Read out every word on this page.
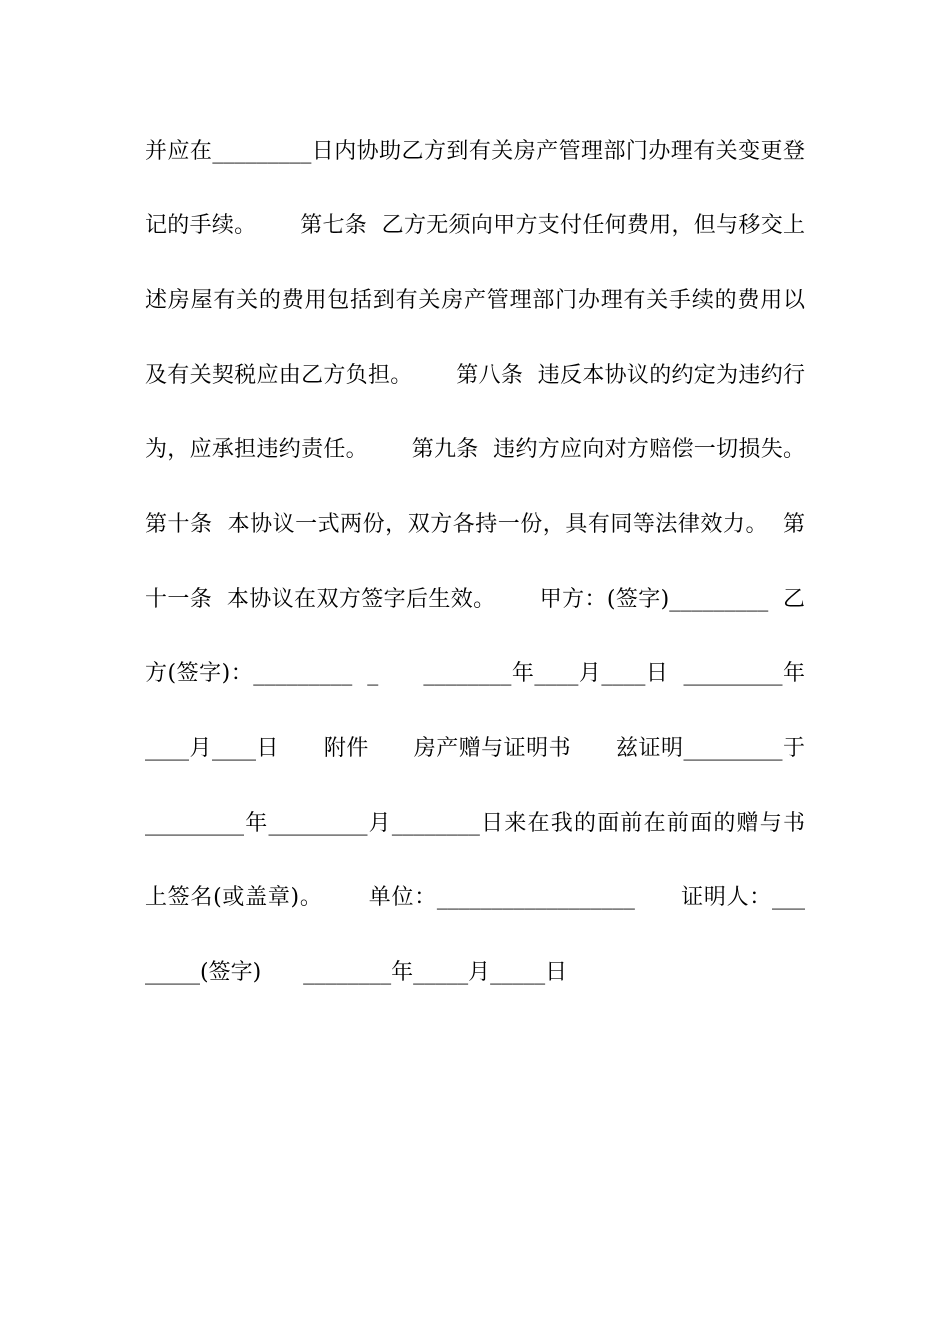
并应在_________日内协助乙方到有关房产管理部门办理有关变更登
记的手续。      第七条  乙方无须向甲方支付任何费用，但与移交上
述房屋有关的费用包括到有关房产管理部门办理有关手续的费用以
及有关契税应由乙方负担。      第八条  违反本协议的约定为违约行
为，应承担违约责任。      第九条  违约方应向对方赔偿一切损失。
第十条  本协议一式两份，双方各持一份，具有同等法律效力。  第
十一条  本协议在双方签字后生效。      甲方：(签字)_________  乙
方(签字)：_________  _      ________年____月____日  _________年
____月____日      附件      房产赠与证明书      兹证明_________于
_________年_________月________日来在我的面前在前面的赠与书
上签名(或盖章)。      单位：__________________      证明人：___
_____(签字)      ________年_____月_____日
